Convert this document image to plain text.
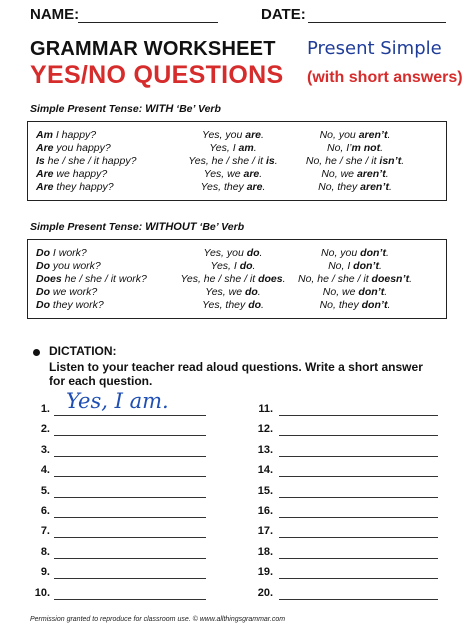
NAME:	DATE:
GRAMMAR WORKSHEET Present Simple
YES/NO QUESTIONS (with short answers)
Simple Present Tense: WITH ‘Be’ Verb
Am I happy?	Yes, you are.	No, you aren’t.
Are you happy?	Yes, I am.	No, I’m not.
Is he / she / it happy?	Yes, he / she / it is.	No, he / she / it isn’t.
Are we happy?	Yes, we are.	No, we aren’t.
Are they happy?	Yes, they are.	No, they aren’t.
Simple Present Tense: WITHOUT ‘Be’ Verb
Do I work?	Yes, you do.	No, you don’t.
Do you work?	Yes, I do.	No, I don’t.
Does he / she / it work?	Yes, he / she / it does.	No, he / she / it doesn’t.
Do we work?	Yes, we do.	No, we don’t.
Do they work?	Yes, they do.	No, they don’t.
DICTATION:
Listen to your teacher read aloud questions. Write a short answer
for each question.
1.
2.
3.
4.
5.
6.
7.
8.
9.
10.
11.
12.
13.
14.
15.
16.
17.
18.
19.
20.
Yes, I am.
Permission granted to reproduce for classroom use. © www.allthingsgrammar.com
